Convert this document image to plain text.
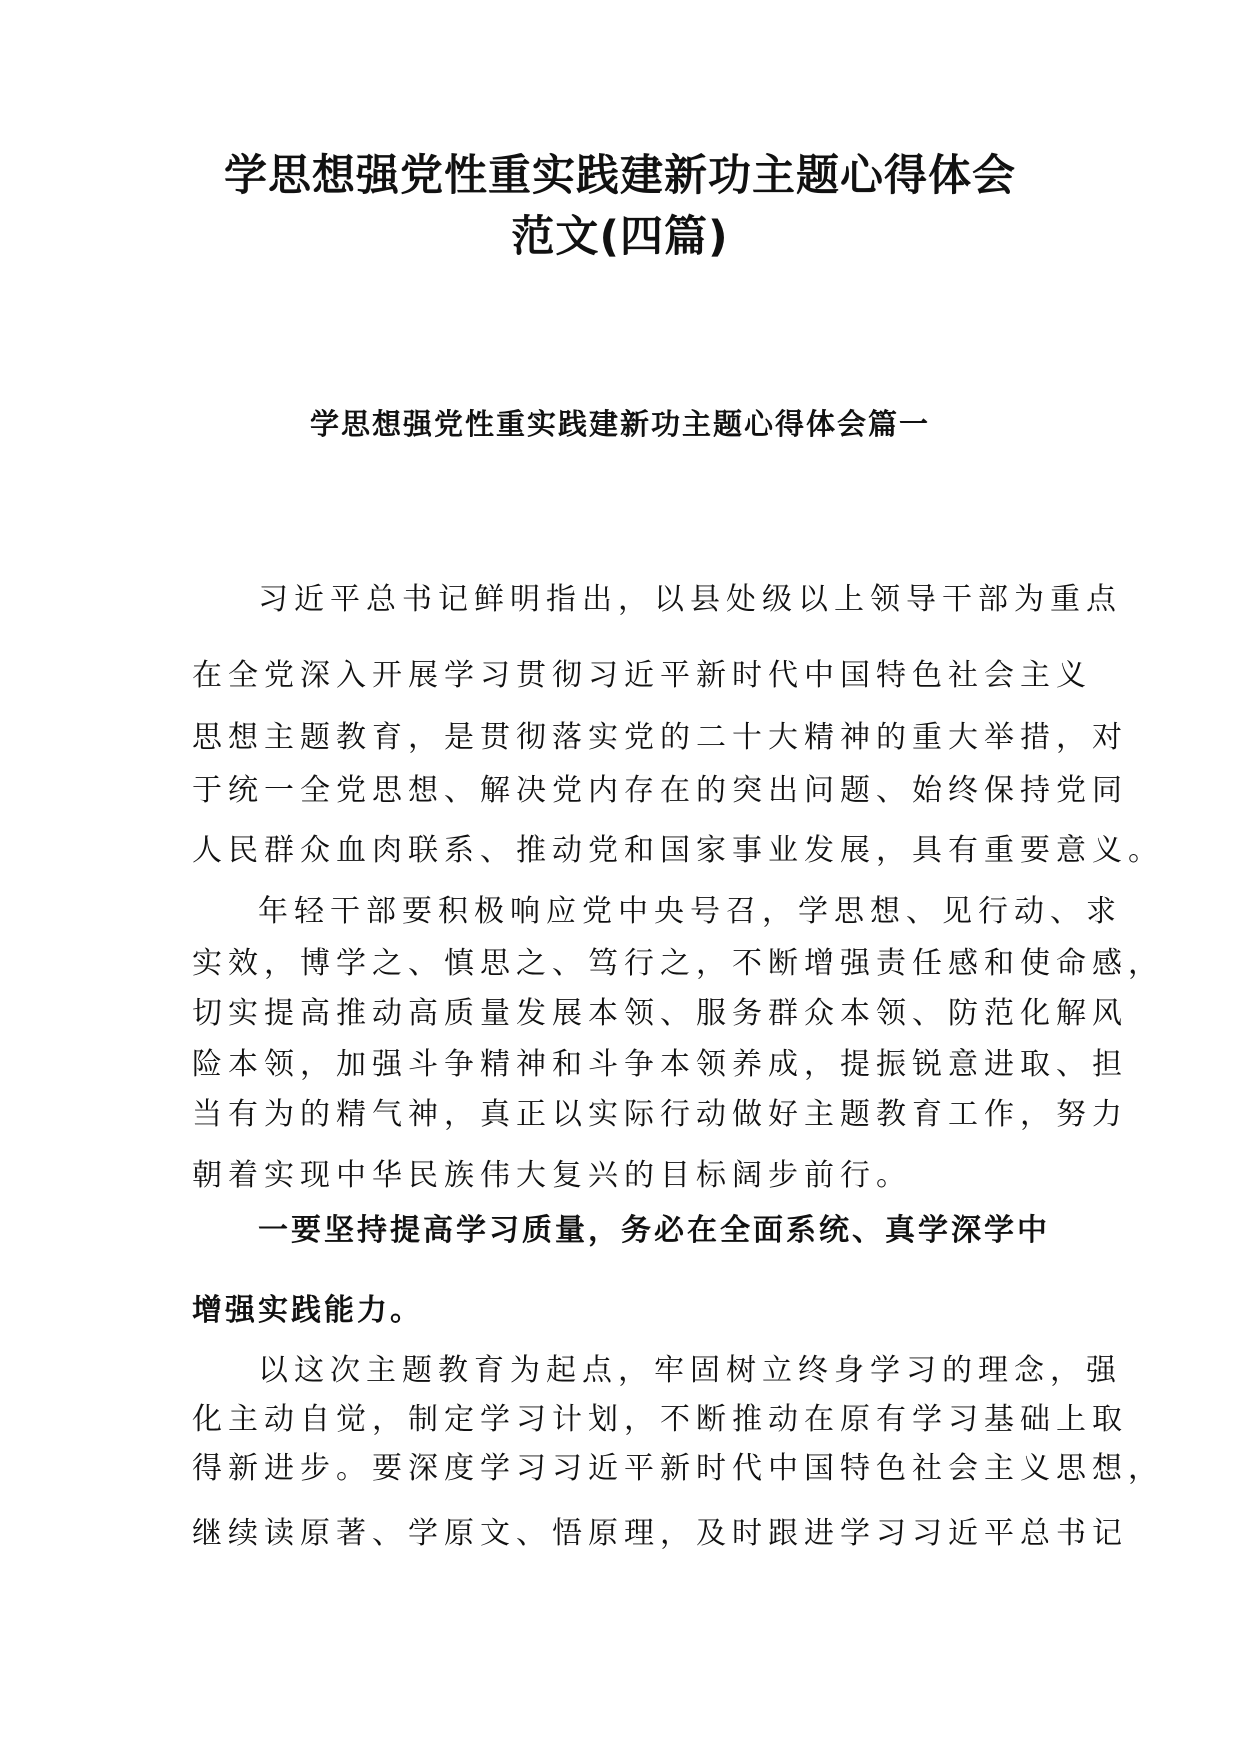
学思想强党性重实践建新功主题心得体会
范文(四篇)
学思想强党性重实践建新功主题心得体会篇一
习近平总书记鲜明指出，以县处级以上领导干部为重点
在全党深入开展学习贯彻习近平新时代中国特色社会主义
思想主题教育，是贯彻落实党的二十大精神的重大举措，对
于统一全党思想、解决党内存在的突出问题、始终保持党同
人民群众血肉联系、推动党和国家事业发展，具有重要意义。
年轻干部要积极响应党中央号召，学思想、见行动、求
实效，博学之、慎思之、笃行之，不断增强责任感和使命感，
切实提高推动高质量发展本领、服务群众本领、防范化解风
险本领，加强斗争精神和斗争本领养成，提振锐意进取、担
当有为的精气神，真正以实际行动做好主题教育工作，努力
朝着实现中华民族伟大复兴的目标阔步前行。
一要坚持提高学习质量，务必在全面系统、真学深学中
增强实践能力。
以这次主题教育为起点，牢固树立终身学习的理念，强
化主动自觉，制定学习计划，不断推动在原有学习基础上取
得新进步。要深度学习习近平新时代中国特色社会主义思想，
继续读原著、学原文、悟原理，及时跟进学习习近平总书记
